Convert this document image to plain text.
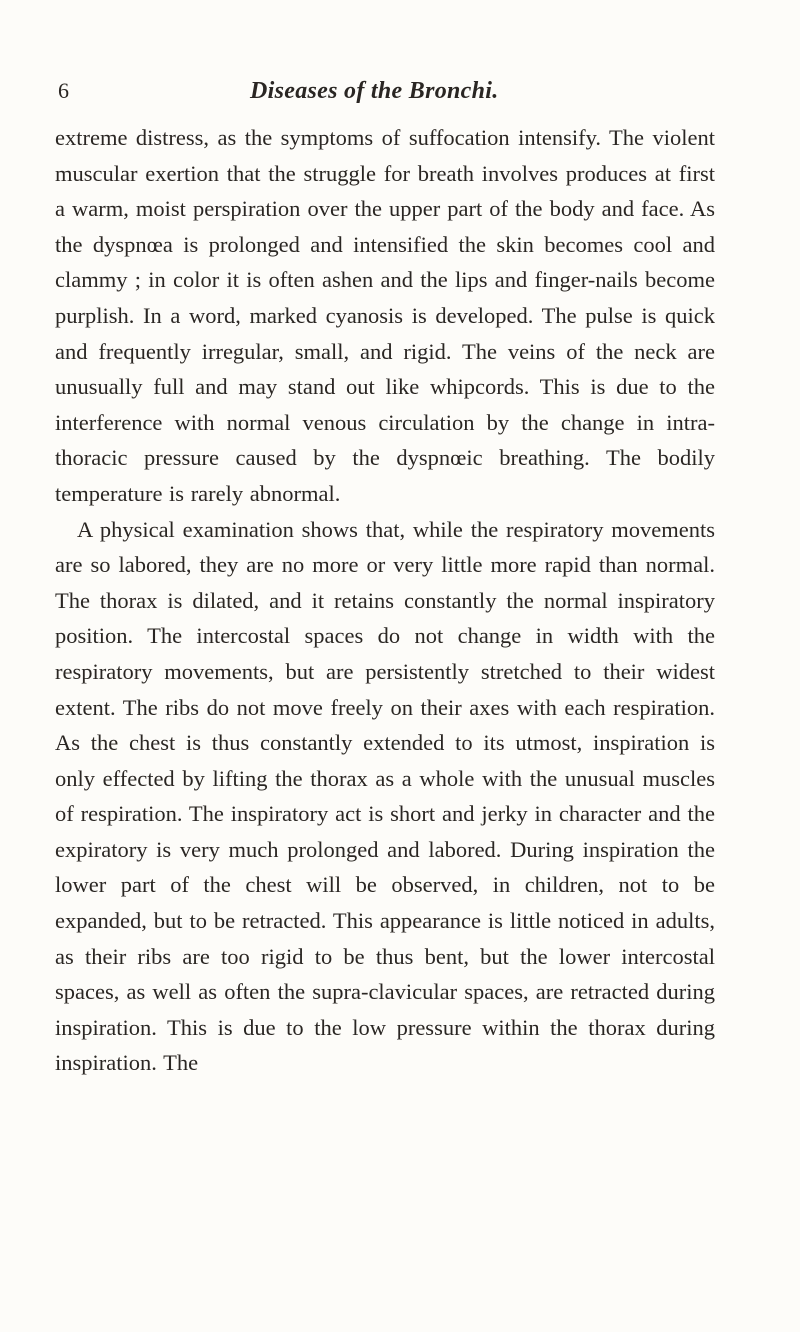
6	Diseases of the Bronchi.

extreme distress, as the symptoms of suffocation intensify. The violent muscular exertion that the struggle for breath involves produces at first a warm, moist perspiration over the upper part of the body and face. As the dyspnœa is prolonged and intensified the skin becomes cool and clammy ; in color it is often ashen and the lips and finger-nails become purplish. In a word, marked cyanosis is developed. The pulse is quick and frequently irregular, small, and rigid. The veins of the neck are unusually full and may stand out like whipcords. This is due to the interference with normal venous circulation by the change in intra-thoracic pressure caused by the dyspnœic breathing. The bodily temperature is rarely abnormal.

A physical examination shows that, while the respiratory movements are so labored, they are no more or very little more rapid than normal. The thorax is dilated, and it retains constantly the normal inspiratory position. The intercostal spaces do not change in width with the respiratory movements, but are persistently stretched to their widest extent. The ribs do not move freely on their axes with each respiration. As the chest is thus constantly extended to its utmost, inspiration is only effected by lifting the thorax as a whole with the unusual muscles of respiration. The inspiratory act is short and jerky in character and the expiratory is very much prolonged and labored. During inspiration the lower part of the chest will be observed, in children, not to be expanded, but to be retracted. This appearance is little noticed in adults, as their ribs are too rigid to be thus bent, but the lower intercostal spaces, as well as often the supra-clavicular spaces, are retracted during inspiration. This is due to the low pressure within the thorax during inspiration. The
